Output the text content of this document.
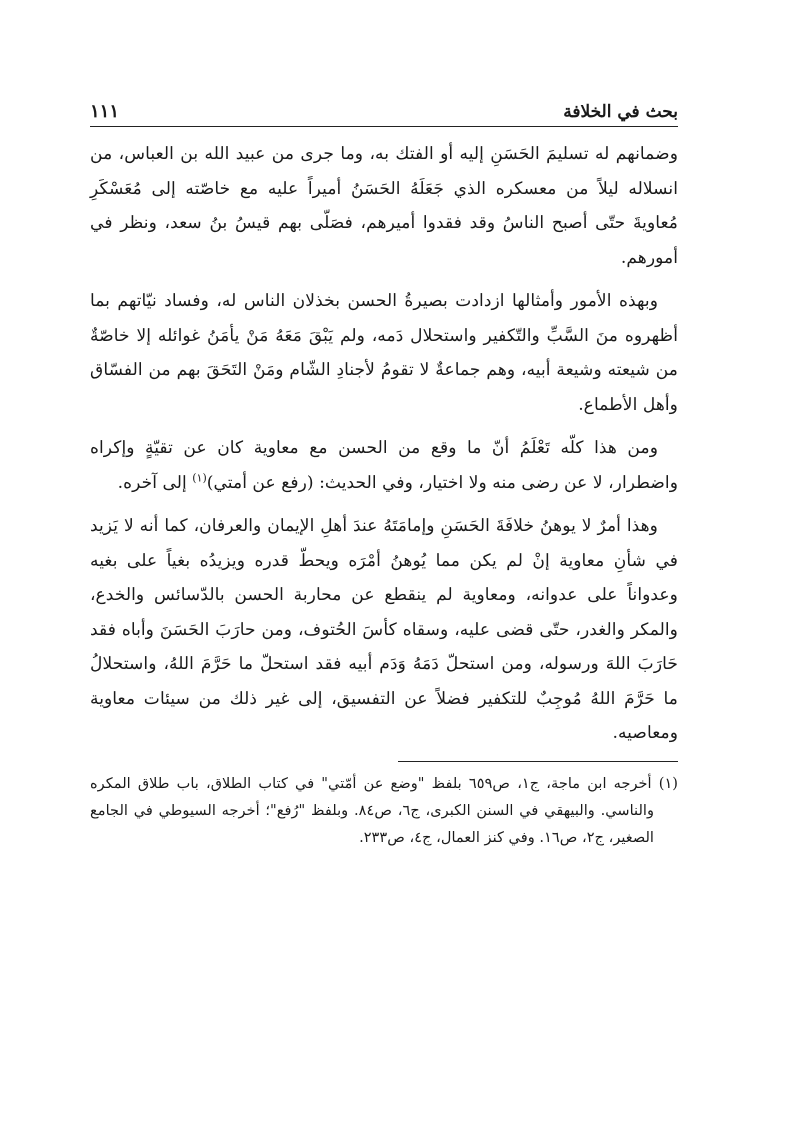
بحث في الخلافة
١١١

وضمانهم له تسليمَ الحَسَنِ إليه أو الفتك به، وما جرى من عبيد الله بن العباس، من انسلاله ليلاً من معسكره الذي جَعَلَهُ الحَسَنُ أميراً عليه مع خاصّته إلى مُعَسْكَرِ مُعاويةَ حتّى أصبح الناسُ وقد فقدوا أميرهم، فصَلّى بهم قيسُ بنُ سعد، ونظر في أمورهم.

وبهذه الأمور وأمثالها ازدادت بصيرةُ الحسن بخذلان الناس له، وفساد نيّاتهم بما أظهروه منَ السَّبِّ والتّكفير واستحلال دَمه، ولم يَبْقَ مَعَهُ مَنْ يأمَنُ غوائله إلا خاصّةٌ من شيعته وشيعة أبيه، وهم جماعةٌ لا تقومُ لأجنادِ الشّام ومَنْ التَحَقَ بهم من الفسّاق وأهل الأطماع.

ومن هذا كلّه تَعْلَمُ أنّ ما وقع من الحسن مع معاوية كان عن تقيّةٍ وإكراه واضطرار، لا عن رضى منه ولا اختيار، وفي الحديث: (رفع عن أمتي)$^{(١)}$ إلى آخره.

وهذا أمرٌ لا يوهنُ خلافَةَ الحَسَنِ وإمامَتَهُ عندَ أهلِ الإيمان والعرفان، كما أنه لا يَزيد في شأنِ معاوية إنْ لم يكن مما يُوهنُ أمْرَه ويحطّ قدره ويزيدُه بغياً على بغيه وعدواناً على عدوانه، ومعاوية لم ينقطع عن محاربة الحسن بالدّسائس والخدع، والمكر والغدر، حتّى قضى عليه، وسقاه كأسَ الحُتوف، ومن حارَبَ الحَسَنَ وأباه فقد حَارَبَ اللهَ ورسوله، ومن استحلّ دَمَهُ وَدَم أبيه فقد استحلّ ما حَرَّمَ اللهُ، واستحلالُ ما حَرَّمَ اللهُ مُوجِبٌ للتكفير فضلاً عن التفسيق، إلى غير ذلك من سيئات معاوية ومعاصيه.

(١) أخرجه ابن ماجة، ج١، ص٦٥٩ بلفظ "وضع عن أمّتي" في كتاب الطلاق، باب طلاق المكره والناسي. والبيهقي في السنن الكبرى، ج٦، ص٨٤. وبلفظ "رُفع"؛ أخرجه السيوطي في الجامع الصغير، ج٢، ص١٦. وفي كنز العمال، ج٤، ص٢٣٣.
